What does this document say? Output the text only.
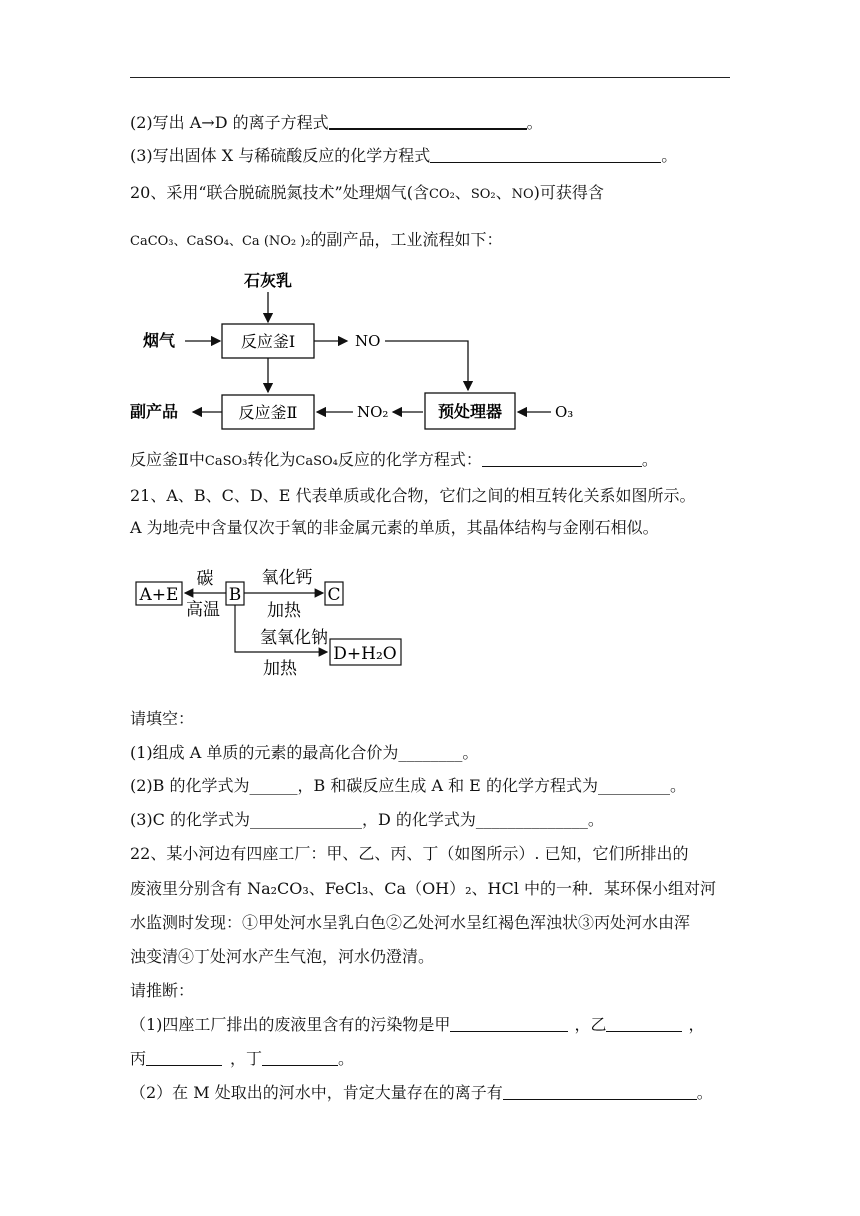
(2)写出 A→D 的离子方程式	。
(3)写出固体 X 与稀硫酸反应的化学方程式	。
20、采用“联合脱硫脱氮技术”处理烟气(含CO₂、SO₂、NO)可获得含
CaCO₃、CaSO₄、Ca (NO₂ )₂的副产品，工业流程如下：
石灰乳
烟气	反应釜Ⅰ	NO
副产品	反应釜Ⅱ	NO₂	预处理器	O₃
反应釜Ⅱ中CaSO₃转化为CaSO₄反应的化学方程式：	。
21、A、B、C、D、E 代表单质或化合物，它们之间的相互转化关系如图所示。
A 为地壳中含量仅次于氧的非金属元素的单质，其晶体结构与金刚石相似。
A+E
碳
高温
B
氧化钙
加热
C
氢氧化钠
加热
D+H₂O
请填空：
(1)组成 A 单质的元素的最高化合价为________。
(2)B 的化学式为______，B 和碳反应生成 A 和 E 的化学方程式为_________。
(3)C 的化学式为______________，D 的化学式为______________。
22、某小河边有四座工厂：甲、乙、丙、丁（如图所示）. 已知，它们所排出的
废液里分别含有 Na₂CO₃、FeCl₃、Ca（OH）₂、HCl 中的一种．某环保小组对河
水监测时发现：①甲处河水呈乳白色②乙处河水呈红褐色浑浊状③丙处河水由浑
浊变清④丁处河水产生气泡，河水仍澄清。
请推断：
（1)四座工厂排出的废液里含有的污染物是甲	，乙	，
丙	，丁	。
（2）在 M 处取出的河水中，肯定大量存在的离子有	。
